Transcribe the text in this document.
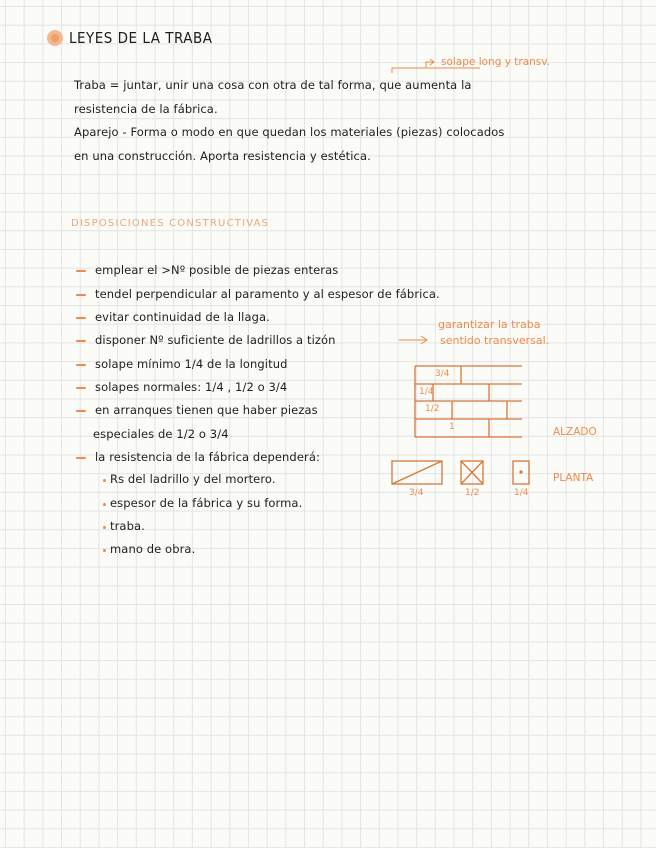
LEYES DE LA TRABA
solape long y transv.
Traba = juntar, unir una cosa con otra de tal forma, que aumenta la
resistencia de la fábrica.
Aparejo - Forma o modo en que quedan los materiales (piezas) colocados
en una construcción. Aporta resistencia y estética.
DISPOSICIONES CONSTRUCTIVAS
emplear el >Nº posible de piezas enteras
tendel perpendicular al paramento y al espesor de fábrica.
evitar continuidad de la llaga.
disponer Nº suficiente de ladrillos a tizón
solape mínimo 1/4 de la longitud
solapes normales: 1/4 , 1/2 o 3/4
en arranques tienen que haber piezas
especiales de 1/2 o 3/4
la resistencia de la fábrica dependerá:
Rs del ladrillo y del mortero.
espesor de la fábrica y su forma.
traba.
mano de obra.
garantizar la traba
sentido transversal.
3/4
1/4
1/2
1	ALZADO
3/4	1/2	1/4
PLANTA
